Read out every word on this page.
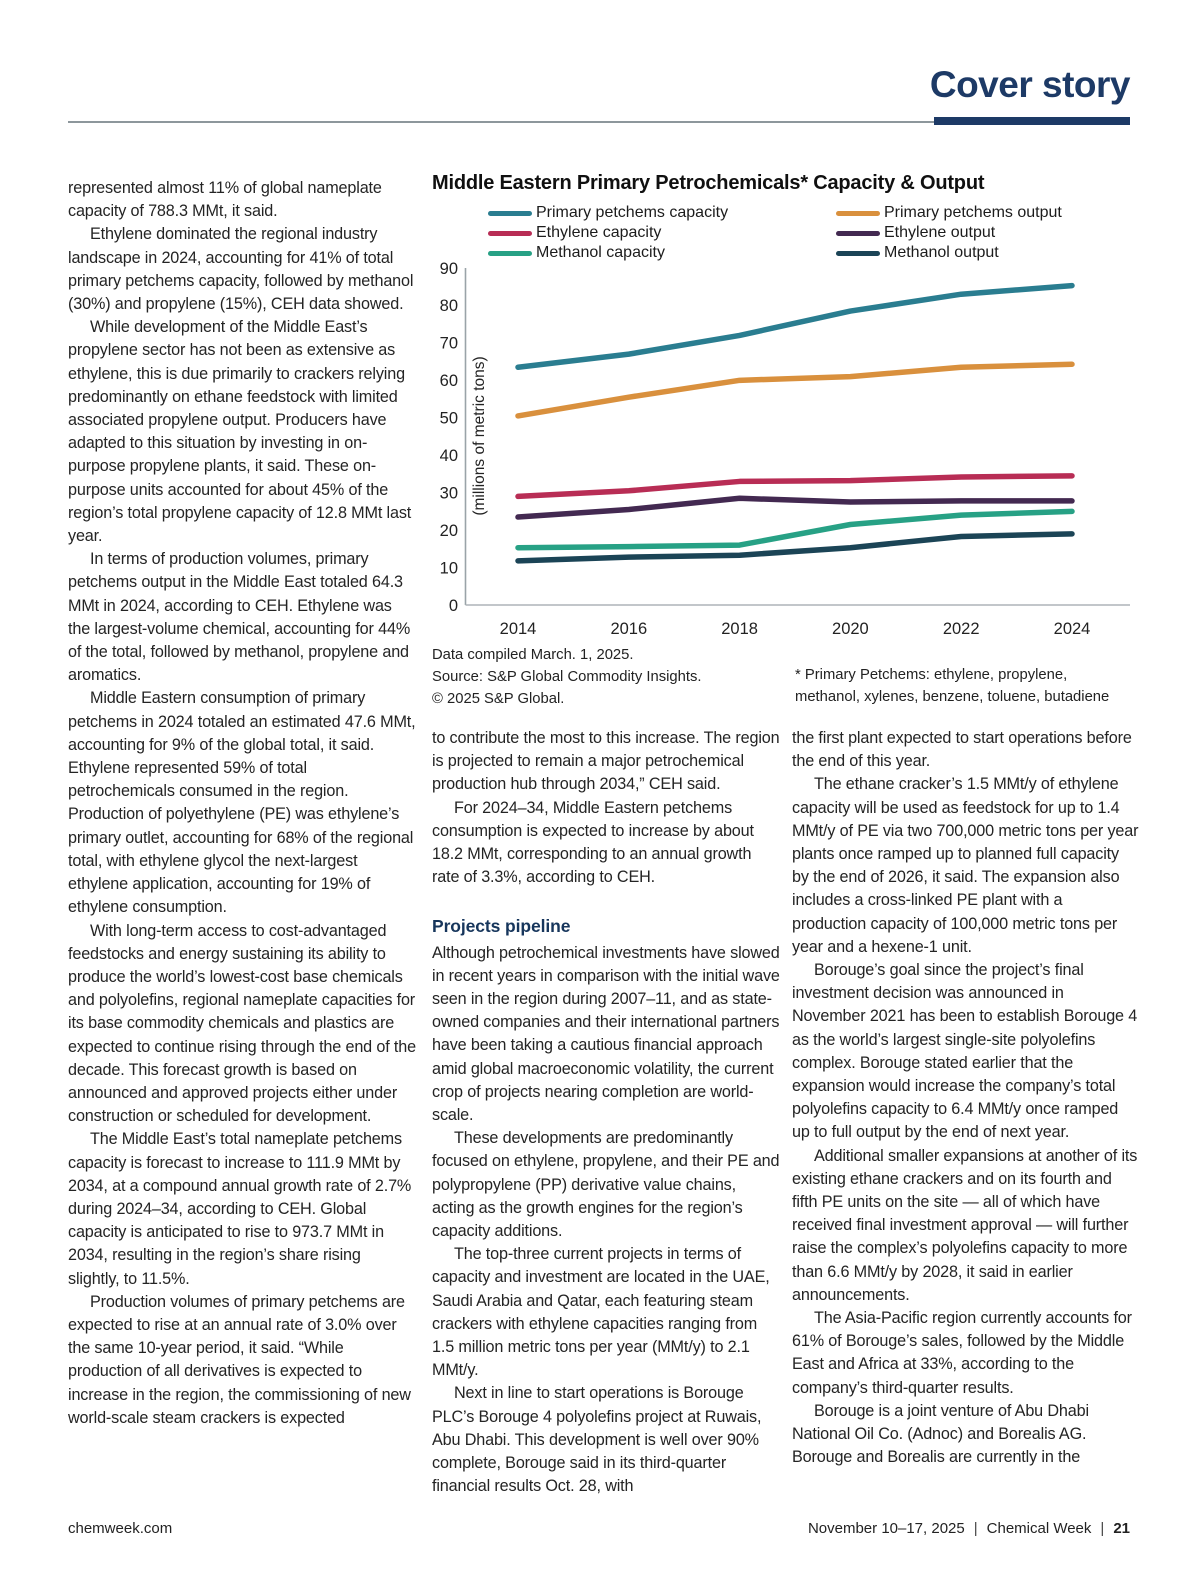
Cover story

represented almost 11% of global nameplate capacity of 788.3 MMt, it said.

Ethylene dominated the regional industry landscape in 2024, accounting for 41% of total primary petchems capacity, followed by methanol (30%) and propylene (15%), CEH data showed.

While development of the Middle East’s propylene sector has not been as extensive as ethylene, this is due primarily to crackers relying predominantly on ethane feedstock with limited associated propylene output. Producers have adapted to this situation by investing in on-purpose propylene plants, it said. These on-purpose units accounted for about 45% of the region’s total propylene capacity of 12.8 MMt last year.

In terms of production volumes, primary petchems output in the Middle East totaled 64.3 MMt in 2024, according to CEH. Ethylene was the largest-volume chemical, accounting for 44% of the total, followed by methanol, propylene and aromatics.

Middle Eastern consumption of primary petchems in 2024 totaled an estimated 47.6 MMt, accounting for 9% of the global total, it said. Ethylene represented 59% of total petrochemicals consumed in the region. Production of polyethylene (PE) was ethylene’s primary outlet, accounting for 68% of the regional total, with ethylene glycol the next-largest ethylene application, accounting for 19% of ethylene consumption.

With long-term access to cost-advantaged feedstocks and energy sustaining its ability to produce the world’s lowest-cost base chemicals and polyolefins, regional nameplate capacities for its base commodity chemicals and plastics are expected to continue rising through the end of the decade. This forecast growth is based on announced and approved projects either under construction or scheduled for development.

The Middle East’s total nameplate petchems capacity is forecast to increase to 111.9 MMt by 2034, at a compound annual growth rate of 2.7% during 2024–34, according to CEH. Global capacity is anticipated to rise to 973.7 MMt in 2034, resulting in the region’s share rising slightly, to 11.5%.

Production volumes of primary petchems are expected to rise at an annual rate of 3.0% over the same 10-year period, it said. “While production of all derivatives is expected to increase in the region, the commissioning of new world-scale steam crackers is expected

Middle Eastern Primary Petrochemicals* Capacity & Output
Primary petchems capacity
Ethylene capacity
Methanol capacity
Primary petchems output
Ethylene output
Methanol output
0
10
20
30
40
50
60
70
80
90
2014	2016	2018	2020	2022	2024
(millions of metric tons)
Data compiled March. 1, 2025.
Source: S&P Global Commodity Insights.
© 2025 S&P Global.
* Primary Petchems: ethylene, propylene, methanol, xylenes, benzene, toluene, butadiene

to contribute the most to this increase. The region is projected to remain a major petrochemical production hub through 2034,” CEH said.

For 2024–34, Middle Eastern petchems consumption is expected to increase by about 18.2 MMt, corresponding to an annual growth rate of 3.3%, according to CEH.

Projects pipeline

Although petrochemical investments have slowed in recent years in comparison with the initial wave seen in the region during 2007–11, and as state-owned companies and their international partners have been taking a cautious financial approach amid global macroeconomic volatility, the current crop of projects nearing completion are world-scale.

These developments are predominantly focused on ethylene, propylene, and their PE and polypropylene (PP) derivative value chains, acting as the growth engines for the region’s capacity additions.

The top-three current projects in terms of capacity and investment are located in the UAE, Saudi Arabia and Qatar, each featuring steam crackers with ethylene capacities ranging from 1.5 million metric tons per year (MMt/y) to 2.1 MMt/y.

Next in line to start operations is Borouge PLC’s Borouge 4 polyolefins project at Ruwais, Abu Dhabi. This development is well over 90% complete, Borouge said in its third-quarter financial results Oct. 28, with

the first plant expected to start operations before the end of this year.

The ethane cracker’s 1.5 MMt/y of ethylene capacity will be used as feedstock for up to 1.4 MMt/y of PE via two 700,000 metric tons per year plants once ramped up to planned full capacity by the end of 2026, it said. The expansion also includes a cross-linked PE plant with a production capacity of 100,000 metric tons per year and a hexene-1 unit.

Borouge’s goal since the project’s final investment decision was announced in November 2021 has been to establish Borouge 4 as the world’s largest single-site polyolefins complex. Borouge stated earlier that the expansion would increase the company’s total polyolefins capacity to 6.4 MMt/y once ramped up to full output by the end of next year.

Additional smaller expansions at another of its existing ethane crackers and on its fourth and fifth PE units on the site — all of which have received final investment approval — will further raise the complex’s polyolefins capacity to more than 6.6 MMt/y by 2028, it said in earlier announcements.

The Asia-Pacific region currently accounts for 61% of Borouge’s sales, followed by the Middle East and Africa at 33%, according to the company’s third-quarter results.

Borouge is a joint venture of Abu Dhabi National Oil Co. (Adnoc) and Borealis AG. Borouge and Borealis are currently in the

chemweek.com	November 10–17, 2025 | Chemical Week | 21
